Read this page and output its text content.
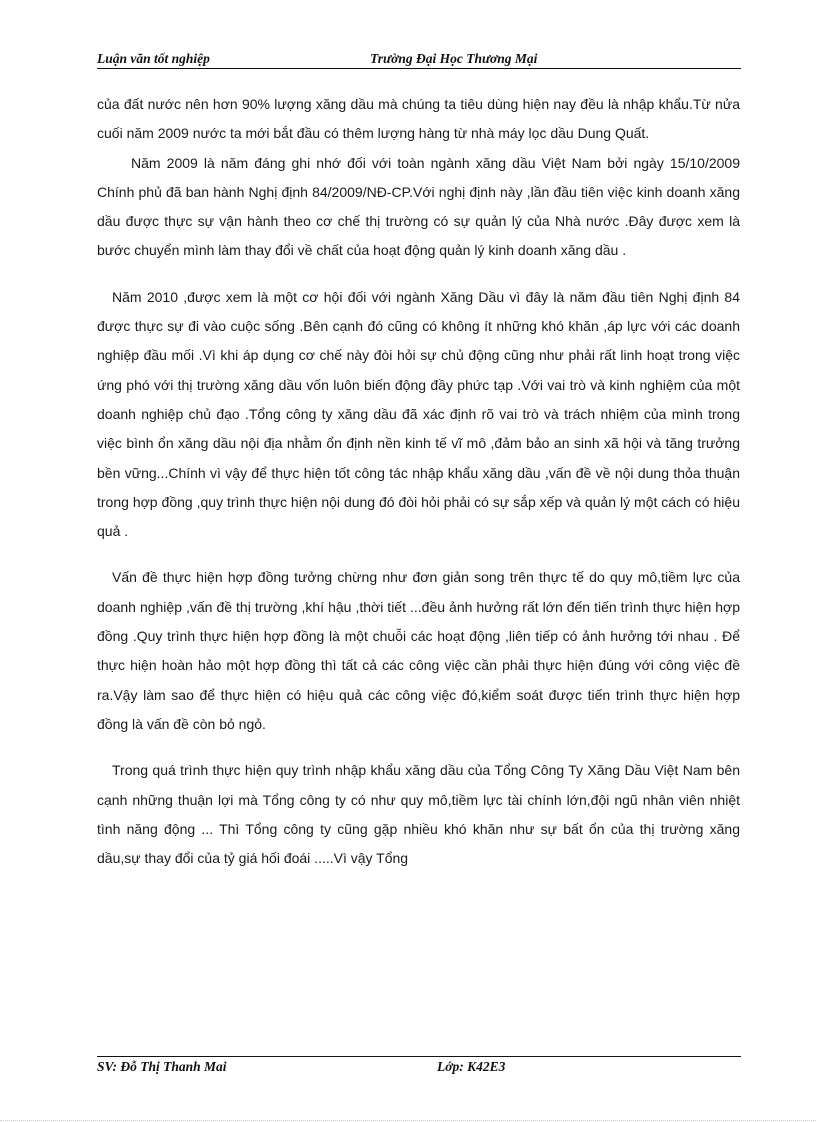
Luận văn tốt nghiệp	Trường Đại Học Thương Mại

của đất nước nên hơn 90% lượng xăng dầu mà chúng ta tiêu dùng hiện nay đều là nhập khẩu.Từ nửa cuối năm 2009 nước ta mới bắt đầu có thêm lượng hàng từ nhà máy lọc dầu Dung Quất.

Năm 2009 là năm đáng ghi nhớ đối với toàn ngành xăng dầu Việt Nam bởi ngày 15/10/2009 Chính phủ đã ban hành Nghị định 84/2009/NĐ-CP.Với nghị định này ,lần đầu tiên việc kinh doanh xăng dầu được thực sự vận hành theo cơ chế thị trường có sự quản lý của Nhà nước .Đây được xem là bước chuyển mình làm thay đổi về chất của hoạt động quản lý kinh doanh xăng dầu .

Năm 2010 ,được xem là một cơ hội đối với ngành Xăng Dầu vì đây là năm đầu tiên Nghị định 84 được thực sự đi vào cuộc sống .Bên cạnh đó cũng có không ít những khó khăn ,áp lực với các doanh nghiệp đầu mối .Vì khi áp dụng cơ chế này đòi hỏi sự chủ động cũng như phải rất linh hoạt trong việc ứng phó với thị trường xăng dầu vốn luôn biến động đầy phức tạp .Với vai trò và kinh nghiệm của một doanh nghiệp chủ đạo .Tổng công ty xăng dầu đã xác định rõ vai trò và trách nhiệm của mình trong việc bình ổn xăng dầu nội địa nhằm ổn định nền kinh tế vĩ mô ,đảm bảo an sinh xã hội và tăng trưởng bền vững...Chính vì vậy để thực hiện tốt công tác nhập khẩu xăng dầu ,vấn đề về nội dung thỏa thuận trong hợp đồng ,quy trình thực hiện nội dung đó đòi hỏi phải có sự sắp xếp và quản lý một cách có hiệu quả .

Vấn đề thực hiện hợp đồng tưởng chừng như đơn giản song trên thực tế do quy mô,tiềm lực của doanh nghiệp ,vấn đề thị trường ,khí hậu ,thời tiết ...đều ảnh hưởng rất lớn đến tiến trình thực hiện hợp đồng .Quy trình thực hiện hợp đồng là một chuỗi các hoạt động ,liên tiếp có ảnh hưởng tới nhau . Để thực hiện hoàn hảo một hợp đồng thì tất cả các công việc cần phải thực hiện đúng với công việc đề ra.Vậy làm sao để thực hiện có hiệu quả các công việc đó,kiểm soát được tiến trình thực hiện hợp đồng là vấn đề còn bỏ ngỏ.

Trong quá trình thực hiện quy trình nhập khẩu xăng dầu của Tổng Công Ty Xăng Dầu Việt Nam bên cạnh những thuận lợi mà Tổng công ty có như quy mô,tiềm lực tài chính lớn,đội ngũ nhân viên nhiệt tình năng động ... Thì Tổng công ty cũng gặp nhiều khó khăn như sự bất ổn của thị trường xăng dầu,sự thay đổi của tỷ giá hối đoái .....Vì vậy Tổng

SV: Đỗ Thị Thanh Mai	Lớp: K42E3
